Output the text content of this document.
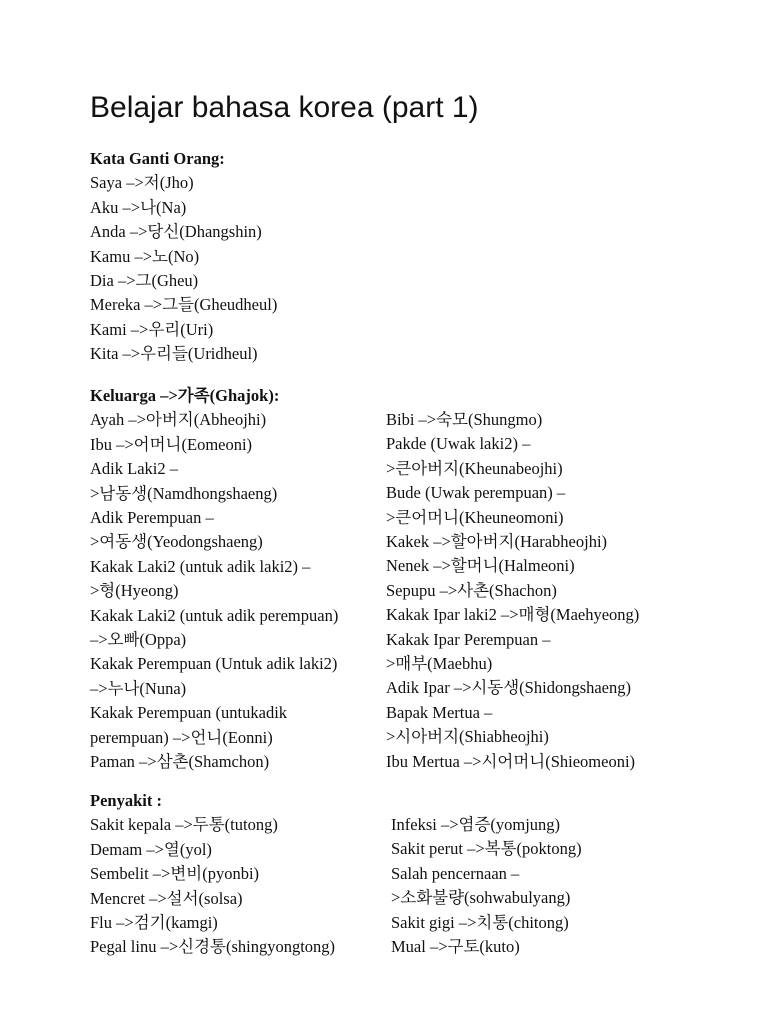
Belajar bahasa korea (part 1)
Kata Ganti Orang:
Saya –>저(Jho)
Aku –>나(Na)
Anda –>당신(Dhangshin)
Kamu –>노(No)
Dia –>그(Gheu)
Mereka –>그들(Gheudheul)
Kami –>우리(Uri)
Kita –>우리들(Uridheul)
Keluarga –>가족(Ghajok):
Ayah –>아버지(Abheojhi)
Ibu –>어머니(Eomeoni)
Adik Laki2 –
>남동생(Namdhongshaeng)
Adik Perempuan –
>여동생(Yeodongshaeng)
Kakak Laki2 (untuk adik laki2) –
>형(Hyeong)
Kakak Laki2 (untuk adik perempuan)
–>오빠(Oppa)
Kakak Perempuan (Untuk adik laki2)
–>누나(Nuna)
Kakak Perempuan (untukadik
perempuan) –>언니(Eonni)
Paman –>삼촌(Shamchon)
Bibi –>숙모(Shungmo)
Pakde (Uwak laki2) –
>큰아버지(Kheunabeojhi)
Bude (Uwak perempuan) –
>큰어머니(Kheuneomoni)
Kakek –>할아버지(Harabheojhi)
Nenek –>할머니(Halmeoni)
Sepupu –>사촌(Shachon)
Kakak Ipar laki2 –>매형(Maehyeong)
Kakak Ipar Perempuan –
>매부(Maebhu)
Adik Ipar –>시동생(Shidongshaeng)
Bapak Mertua –
>시아버지(Shiabheojhi)
Ibu Mertua –>시어머니(Shieomeoni)
Penyakit :
Sakit kepala –>두통(tutong)
Demam –>열(yol)
Sembelit –>변비(pyonbi)
Mencret –>설서(solsa)
Flu –>검기(kamgi)
Pegal linu –>신경통(shingyongtong)
Infeksi –>염증(yomjung)
Sakit perut –>복통(poktong)
Salah pencernaan –
>소화불량(sohwabulyang)
Sakit gigi –>치통(chitong)
Mual –>구토(kuto)
